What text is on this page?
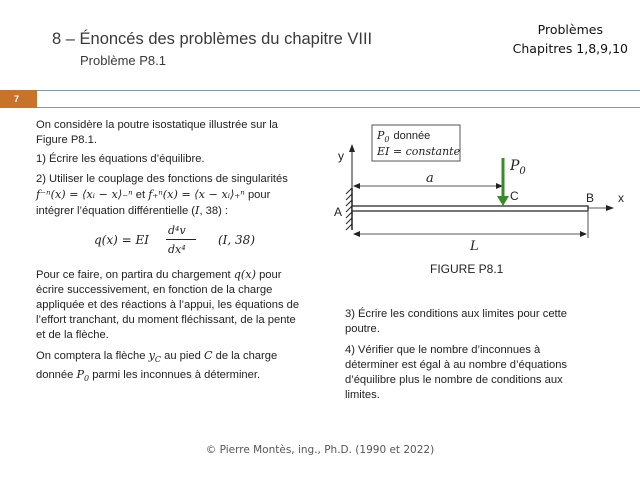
8 – Énoncés des problèmes du chapitre VIII
Problème P8.1
Problèmes
Chapitres 1,8,9,10
7
On considère la poutre isostatique illustrée sur la
Figure P8.1.
1) Écrire les équations d’équilibre.
2) Utiliser le couplage des fonctions de singularités
f⁻ⁿ(x) = ⟨xᵢ − x⟩₋ⁿ et f₊ⁿ(x) = ⟨x − xᵢ⟩₊ⁿ pour
intégrer l’équation différentielle (I, 38) :
q(x) = EI
d⁴v
dx⁴
(I, 38)
Pour ce faire, on partira du chargement q(x) pour
écrire successivement, en fonction de la charge
appliquée et des réactions à l’appui, les équations de
l’effort tranchant, du moment fléchissant, de la pente
et de la flèche.
On comptera la flèche $y_C$ au pied C de la charge
donnée $P_0$ parmi les inconnues à déterminer.
$P_0$ donnée
EI = constante
y
x
A
B
C
a
L
$P_0$
FIGURE P8.1
3) Écrire les conditions aux limites pour cette
poutre.
4) Vérifier que le nombre d’inconnues à
déterminer est égal à au nombre d’équations
d’équilibre plus le nombre de conditions aux
limites.
© Pierre Montès, ing., Ph.D. (1990 et 2022)
